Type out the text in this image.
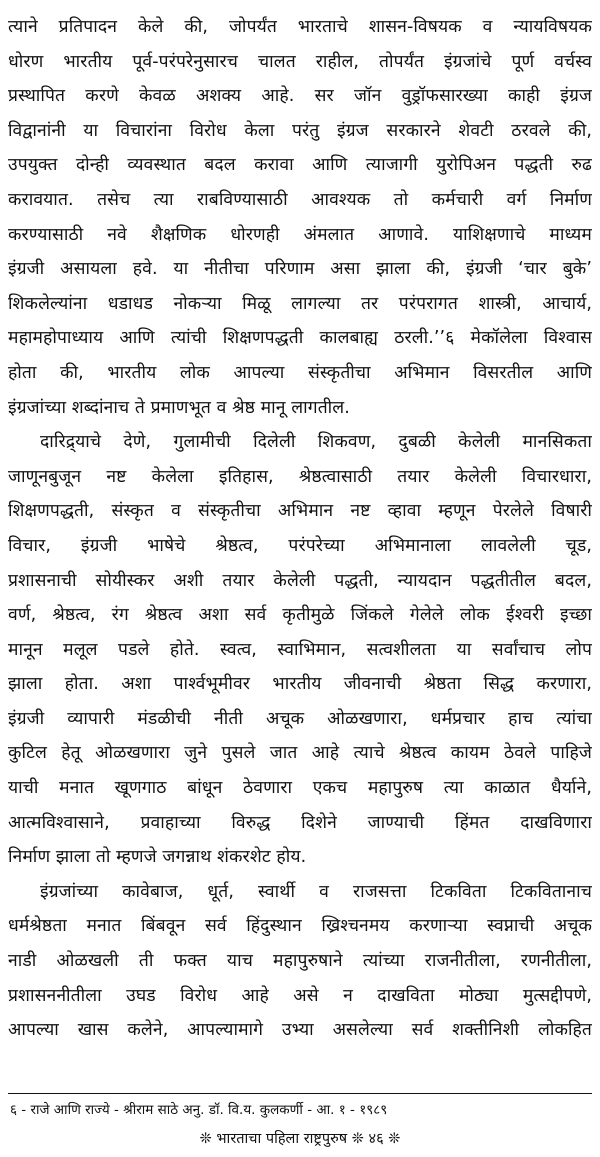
त्याने प्रतिपादन केले की, जोपर्यंत भारताचे शासन-विषयक व न्यायविषयक
धोरण भारतीय पूर्व-परंपरेनुसारच चालत राहील, तोपर्यंत इंग्रजांचे पूर्ण वर्चस्व
प्रस्थापित करणे केवळ अशक्य आहे. सर जॉन वुड्रॉफसारख्या काही इंग्रज
विद्वानांनी या विचारांना विरोध केला परंतु इंग्रज सरकारने शेवटी ठरवले की,
उपयुक्त दोन्ही व्यवस्थात बदल करावा आणि त्याजागी युरोपिअन पद्धती रुढ
करावयात. तसेच त्या राबविण्यासाठी आवश्यक तो कर्मचारी वर्ग निर्माण
करण्यासाठी नवे शैक्षणिक धोरणही अंमलात आणावे. याशिक्षणाचे माध्यम
इंग्रजी असायला हवे. या नीतीचा परिणाम असा झाला की, इंग्रजी ‘चार बुके’
शिकलेल्यांना धडाधड नोकऱ्या मिळू लागल्या तर परंपरागत शास्त्री, आचार्य,
महामहोपाध्याय आणि त्यांची शिक्षणपद्धती कालबाह्य ठरली.’’६ मेकॉलेला विश्वास
होता की, भारतीय लोक आपल्या संस्कृतीचा अभिमान विसरतील आणि
इंग्रजांच्या शब्दांनाच ते प्रमाणभूत व श्रेष्ठ मानू लागतील.
दारिद्र्याचे देणे, गुलामीची दिलेली शिकवण, दुबळी केलेली मानसिकता
जाणूनबुजून नष्ट केलेला इतिहास, श्रेष्ठत्वासाठी तयार केलेली विचारधारा,
शिक्षणपद्धती, संस्कृत व संस्कृतीचा अभिमान नष्ट व्हावा म्हणून पेरलेले विषारी
विचार, इंग्रजी भाषेचे श्रेष्ठत्व, परंपरेच्या अभिमानाला लावलेली चूड,
प्रशासनाची सोयीस्कर अशी तयार केलेली पद्धती, न्यायदान पद्धतीतील बदल,
वर्ण, श्रेष्ठत्व, रंग श्रेष्ठत्व अशा सर्व कृतीमुळे जिंकले गेलेले लोक ईश्वरी इच्छा
मानून मलूल पडले होते. स्वत्व, स्वाभिमान, सत्वशीलता या सर्वांचाच लोप
झाला होता. अशा पार्श्वभूमीवर भारतीय जीवनाची श्रेष्ठता सिद्ध करणारा,
इंग्रजी व्यापारी मंडळीची नीती अचूक ओळखणारा, धर्मप्रचार हाच त्यांचा
कुटिल हेतू ओळखणारा जुने पुसले जात आहे त्याचे श्रेष्ठत्व कायम ठेवले पाहिजे
याची मनात खूणगाठ बांधून ठेवणारा एकच महापुरुष त्या काळात धैर्याने,
आत्मविश्वासाने, प्रवाहाच्या विरुद्ध दिशेने जाण्याची हिंमत दाखविणारा
निर्माण झाला तो म्हणजे जगन्नाथ शंकरशेट होय.
इंग्रजांच्या कावेबाज, धूर्त, स्वार्थी व राजसत्ता टिकविता टिकवितानाच
धर्मश्रेष्ठता मनात बिंबवून सर्व हिंदुस्थान ख्रिश्चनमय करणाऱ्या स्वप्नाची अचूक
नाडी ओळखली ती फक्त याच महापुरुषाने त्यांच्या राजनीतीला, रणनीतीला,
प्रशासननीतीला उघड विरोध आहे असे न दाखविता मोठ्या मुत्सद्दीपणे,
आपल्या खास कलेने, आपल्यामागे उभ्या असलेल्या सर्व शक्तीनिशी लोकहित
६ - राजे आणि राज्ये - श्रीराम साठे अनु. डॉ. वि.य. कुलकर्णी - आ. १ - १९८९
❊ भारताचा पहिला राष्ट्रपुरुष ❊ ४६ ❊
